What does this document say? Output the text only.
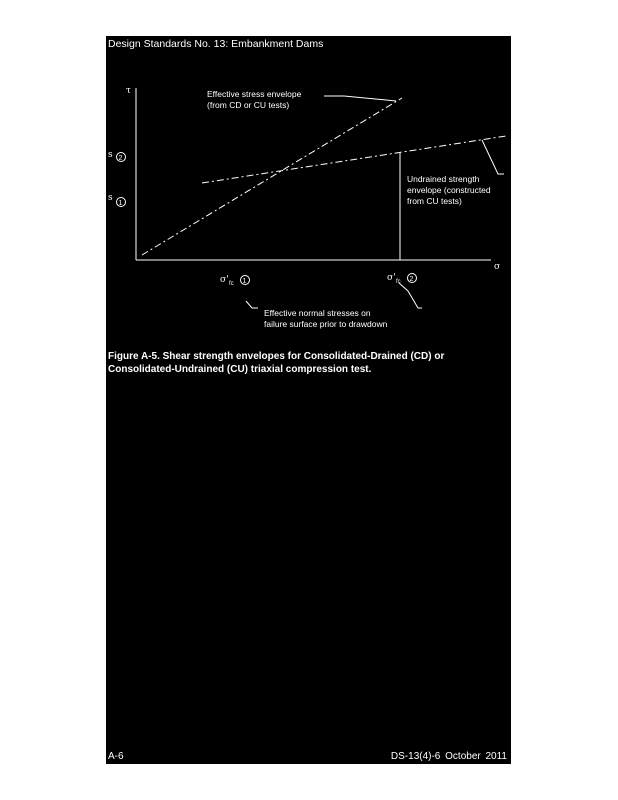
Design Standards No. 13: Embankment Dams
τ
σ
s 2
s
1
Effective stress envelope
(from CD or CU tests)
Undrained strength
envelope (constructed
from CU tests)
σ' fc 1	σ' fc 2
Effective normal stresses on
failure surface prior to drawdown
Figure A-5. Shear strength envelopes for Consolidated-Drained (CD) or
Consolidated-Undrained (CU) triaxial compression test.
A-6	DS-13(4)-6 October 2011
